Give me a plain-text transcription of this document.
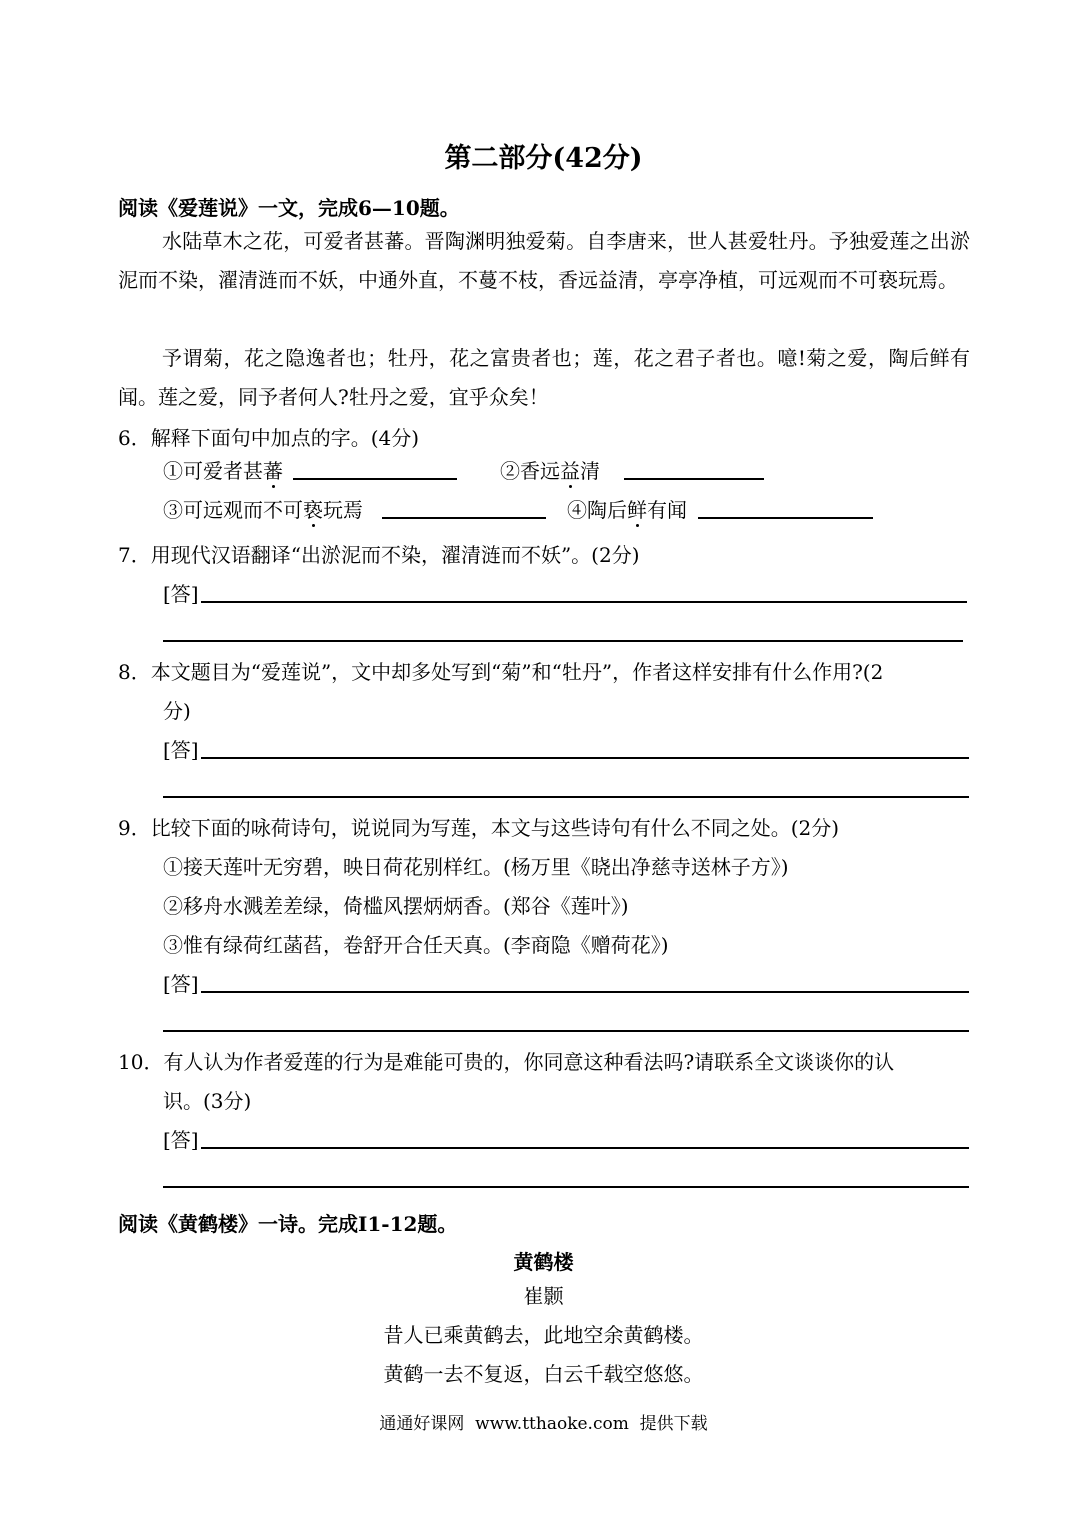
第二部分(42分)
阅读《爱莲说》一文，完成6—10题。
水陆草木之花，可爱者甚蕃。晋陶渊明独爱菊。自李唐来，世人甚爱牡丹。予独爱莲之出淤泥而不染，濯清涟而不妖，中通外直，不蔓不枝，香远益清，亭亭净植，可远观而不可亵玩焉。
予谓菊，花之隐逸者也；牡丹，花之富贵者也；莲，花之君子者也。噫!菊之爱，陶后鲜有闻。莲之爱，同予者何人?牡丹之爱，宜乎众矣！
6．解释下面句中加点的字。(4分)
①可爱者甚蕃	②香远益清
③可远观而不可亵玩焉	④陶后鲜有闻
7．用现代汉语翻译“出淤泥而不染，濯清涟而不妖”。(2分)
[答]
8．本文题目为“爱莲说”，文中却多处写到“菊”和“牡丹”，作者这样安排有什么作用?(2
分)
[答]
9．比较下面的咏荷诗句，说说同为写莲，本文与这些诗句有什么不同之处。(2分)
①接天莲叶无穷碧，映日荷花别样红。(杨万里《晓出净慈寺送林子方》)
②移舟水溅差差绿，倚槛风摆炳炳香。(郑谷《莲叶》)
③惟有绿荷红菡萏，卷舒开合任天真。(李商隐《赠荷花》)
[答]
10．有人认为作者爱莲的行为是难能可贵的，你同意这种看法吗?请联系全文谈谈你的认
识。(3分)
[答]
阅读《黄鹤楼》一诗。完成I1-12题。
黄鹤楼
崔颢
昔人已乘黄鹤去，此地空余黄鹤楼。
黄鹤一去不复返，白云千载空悠悠。
通通好课网  www.tthaoke.com  提供下载
